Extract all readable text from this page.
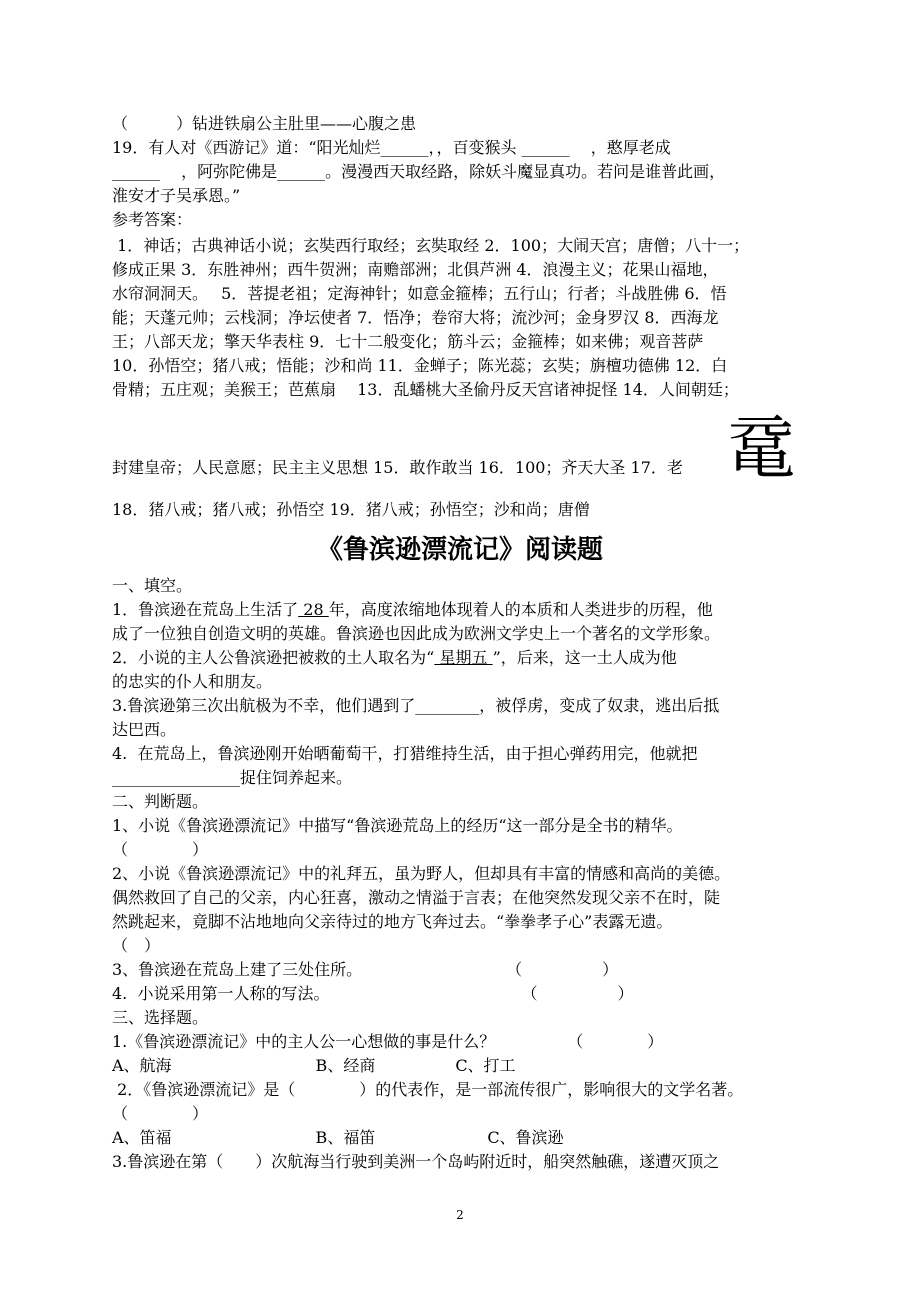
（　　　）钻进铁扇公主肚里——心腹之患

19．有人对《西游记》道：“阳光灿烂______，，百变猴头 ______ 　，憨厚老成

______ 　，阿弥陀佛是______。漫漫西天取经路，除妖斗魔显真功。若问是谁普此画，

淮安才子吴承恩。”

参考答案：

1．神话；古典神话小说；玄奘西行取经；玄奘取经 2．100；大闹天宫；唐僧；八十一；

修成正果 3．东胜神州；西牛贺洲；南赡部洲；北俱芦洲 4．浪漫主义；花果山福地，

水帘洞洞天。　 5．菩提老祖；定海神针；如意金箍棒；五行山；行者；斗战胜佛 6．悟

能；天蓬元帅；云栈洞；净坛使者 7．悟净；卷帘大将；流沙河；金身罗汉 8．西海龙

王；八部天龙；擎天华表柱 9．七十二般变化；筋斗云；金箍棒；如来佛；观音菩萨

10．孙悟空；猪八戒；悟能；沙和尚 11．金蝉子；陈光蕊；玄奘；旃檀功德佛 12．白

骨精；五庄观；美猴王；芭蕉扇　 13．乱蟠桃大圣偷丹反天宫诸神捉怪 14．人间朝廷；

封建皇帝；人民意愿；民主主义思想 15．敢作敢当 16．100；齐天大圣 17．老 鼋

18．猪八戒；猪八戒；孙悟空 19．猪八戒；孙悟空；沙和尚；唐僧

《鲁滨逊漂流记》阅读题

一、填空。

1．鲁滨逊在荒岛上生活了 28 年，高度浓缩地体现着人的本质和人类进步的历程，他

成了一位独自创造文明的英雄。鲁滨逊也因此成为欧洲文学史上一个著名的文学形象。

2．小说的主人公鲁滨逊把被救的土人取名为“ 星期五 ”，后来，这一土人成为他

的忠实的仆人和朋友。

3.鲁滨逊第三次出航极为不幸，他们遇到了________，被俘虏，变成了奴隶，逃出后抵

达巴西。

4.  在荒岛上，鲁滨逊刚开始晒葡萄干，打猎维持生活，由于担心弹药用完，他就把

________________捉住饲养起来。

二、判断题。

1、小说《鲁滨逊漂流记》中描写“鲁滨逊荒岛上的经历“这一部分是全书的精华。

（　　　　）

2、小说《鲁滨逊漂流记》中的礼拜五，虽为野人，但却具有丰富的情感和高尚的美德。

偶然救回了自己的父亲，内心狂喜，激动之情溢于言表；在他突然发现父亲不在时，陡

然跳起来，竟脚不沾地地向父亲待过的地方飞奔过去。“拳拳孝子心”表露无遗。

（　）

3、鲁滨逊在荒岛上建了三处住所。　　　　　　　　　　（　　　　　）

4.  小说采用第一人称的写法。　　　　　　　　　　　　　（　　　　　）

三、选择题。

1.《鲁滨逊漂流记》中的主人公一心想做的事是什么？　　　　　（　　　　）

A、航海　　　　　　　　　B、经商　　　　　C、打工

2．《鲁滨逊漂流记》是（　　　　）的代表作，是一部流传很广，影响很大的文学名著。

（　　　　）

A、笛福　　　　　　　　　B、福笛　　　　　　　C、鲁滨逊

3.鲁滨逊在第（　　）次航海当行驶到美洲一个岛屿附近时，船突然触礁，遂遭灭顶之

2
